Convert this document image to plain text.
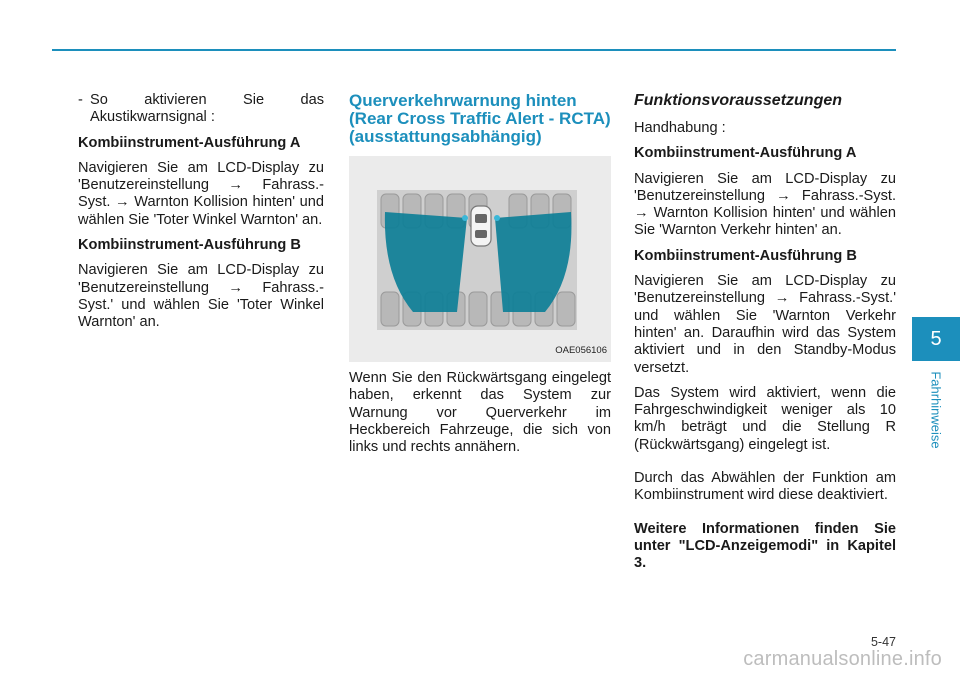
- So aktivieren Sie das
Akustikwarnsignal :

Kombiinstrument-Ausführung A

Navigieren Sie am LCD-Display zu 'Benutzereinstellung → Fahrass.-Syst. → Warnton Kollision hinten' und wählen Sie 'Toter Winkel Warnton' an.

Kombiinstrument-Ausführung B

Navigieren Sie am LCD-Display zu 'Benutzereinstellung → Fahrass.-Syst.' und wählen Sie 'Toter Winkel Warnton' an.

Querverkehrwarnung hinten (Rear Cross Traffic Alert - RCTA) (ausstattungsabhängig)
OAE056106

Wenn Sie den Rückwärtsgang eingelegt haben, erkennt das System zur Warnung vor Querverkehr im Heckbereich Fahrzeuge, die sich von links und rechts annähern.

Funktionsvoraussetzungen

Handhabung :

Kombiinstrument-Ausführung A

Navigieren Sie am LCD-Display zu 'Benutzereinstellung → Fahrass.-Syst. → Warnton Kollision hinten' und wählen Sie 'Warnton Verkehr hinten' an.

Kombiinstrument-Ausführung B

Navigieren Sie am LCD-Display zu 'Benutzereinstellung → Fahrass.-Syst.' und wählen Sie 'Warnton Verkehr hinten' an. Daraufhin wird das System aktiviert und in den Standby-Modus versetzt.

Das System wird aktiviert, wenn die Fahrgeschwindigkeit weniger als 10 km/h beträgt und die Stellung R (Rückwärtsgang) eingelegt ist.

Durch das Abwählen der Funktion am Kombiinstrument wird diese deaktiviert.

Weitere Informationen finden Sie unter "LCD-Anzeigemodi" in Kapitel 3.

5
Fahrhinweise
5-47
carmanualsonline.info
